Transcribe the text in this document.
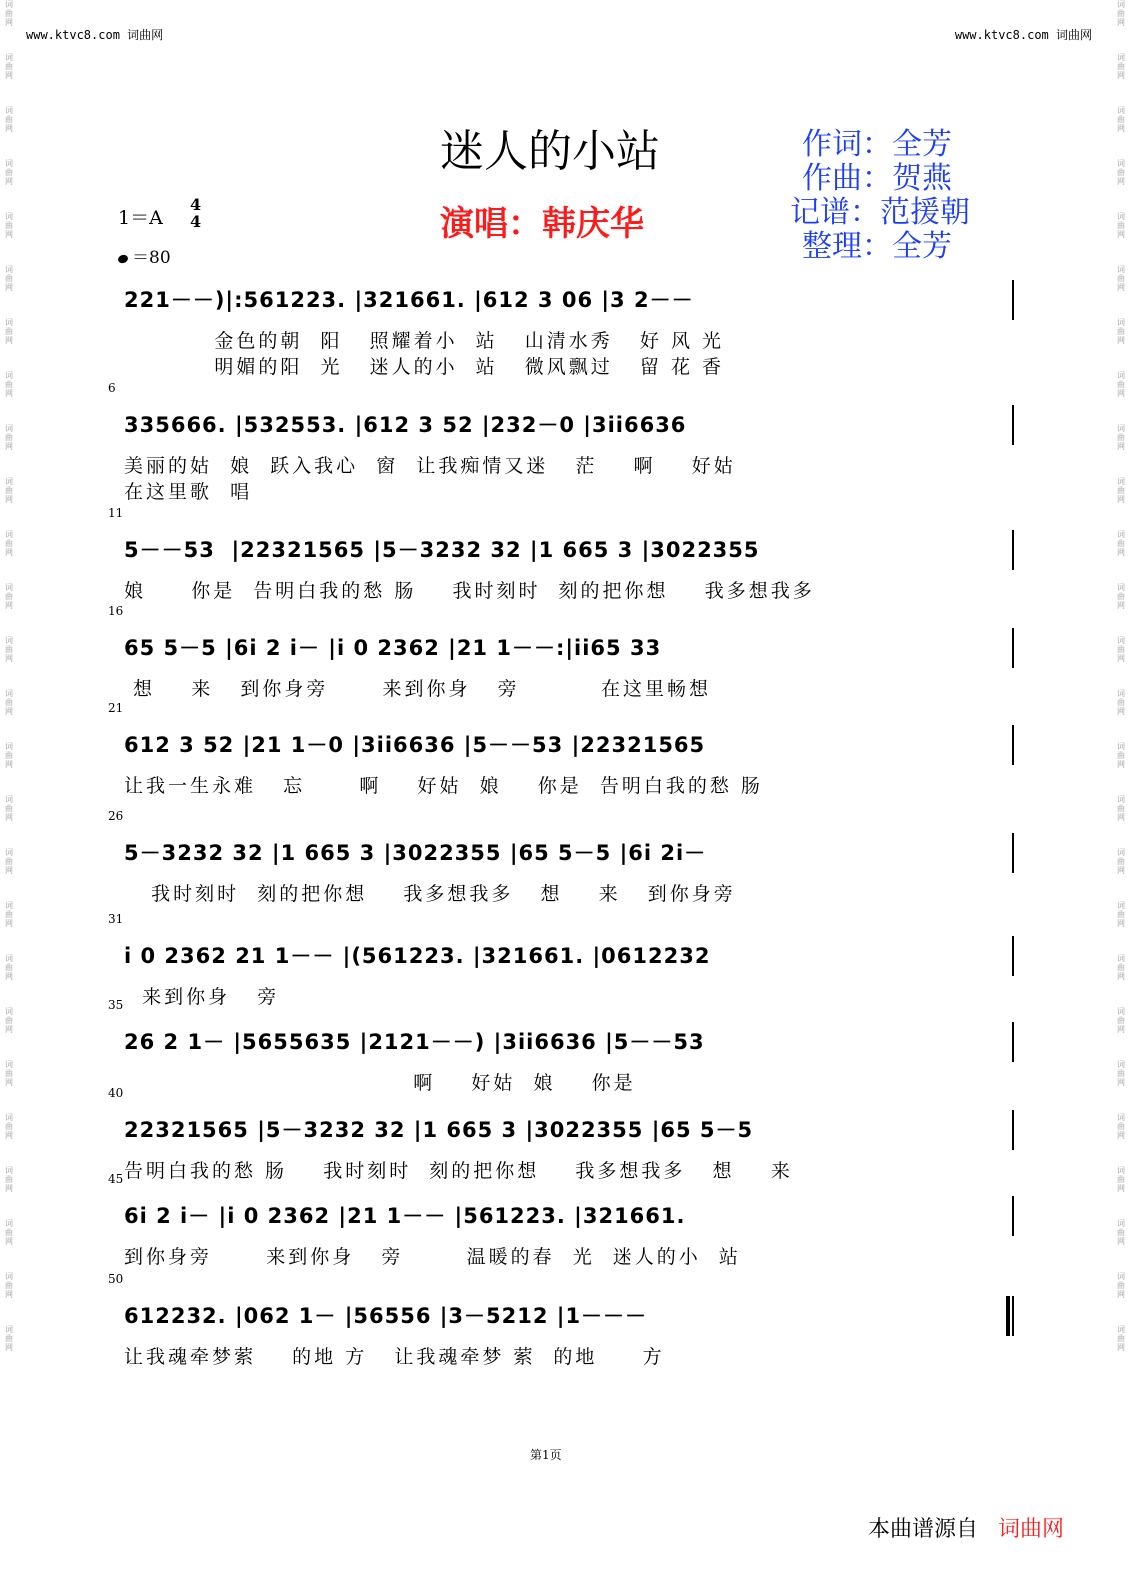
词
曲
网
词
曲
网
词
曲
网
词
曲
网
词
曲
网
词
曲
网
词
曲
网
词
曲
网
词
曲
网
词
曲
网
词
曲
网
词
曲
网
词
曲
网
词
曲
网
词
曲
网
词
曲
网
词
曲
网
词
曲
网
词
曲
网
词
曲
网
词
曲
网
词
曲
网
词
曲
网
词
曲
网
词
曲
网
词
曲
网
词
曲
网
词
曲
网
词
曲
网
词
曲
网
词
曲
网
词
曲
网
词
曲
网
词
曲
网
词
曲
网
词
曲
网
词
曲
网
词
曲
网
词
曲
网
词
曲
网
词
曲
网
词
曲
网
词
曲
网
词
曲
网
词
曲
网
词
曲
网
词
曲
网
词
曲
网
词
曲
网
词
曲
网
词
曲
网
词
曲
网
www.ktvc8.com 词曲网	www.ktvc8.com 词曲网
迷人的小站	作词：全芳
作曲：贺燕
记谱：范援朝
整理：全芳
演唱：韩庆华
1＝A
4
4
＝80
221－－)|:561223. |321661. |612 3 06 |3 2－－
金色的朝  阳   照耀着小  站   山清水秀   好 风 光
明媚的阳  光   迷人的小  站   微风飘过   留 花 香
6
335666. |532553. |612 3 52 |232－0 |3ii6636
美丽的姑  娘  跃入我心  窗  让我痴情又迷   茫    啊    好姑
在这里歌  唱
11
5－－53  |22321565 |5－3232 32 |1 665 3 |3022355
娘     你是  告明白我的愁 肠    我时刻时  刻的把你想    我多想我多
16
65 5－5 |6i 2 i－ |i 0 2362 |21 1－－:|ii65 33
想    来   到你身旁      来到你身   旁         在这里畅想
21
612 3 52 |21 1－0 |3ii6636 |5－－53 |22321565
让我一生永难   忘      啊    好姑  娘    你是  告明白我的愁 肠
26
5－3232 32 |1 665 3 |3022355 |65 5－5 |6i 2i－
我时刻时  刻的把你想    我多想我多   想    来   到你身旁
31
i 0 2362 21 1－－ |(561223. |321661. |0612232
来到你身   旁
35
26 2 1－ |5655635 |2121－－) |3ii6636 |5－－53
啊    好姑  娘    你是
40
22321565 |5－3232 32 |1 665 3 |3022355 |65 5－5
告明白我的愁 肠    我时刻时  刻的把你想    我多想我多   想    来
45
6i 2 i－ |i 0 2362 |21 1－－ |561223. |321661.
到你身旁      来到你身   旁       温暖的春  光  迷人的小  站
50
612232. |062 1－ |56556 |3－5212 |1－－－
让我魂牵梦萦    的地 方   让我魂牵梦 萦  的地     方
第1页
本曲谱源自 词曲网
